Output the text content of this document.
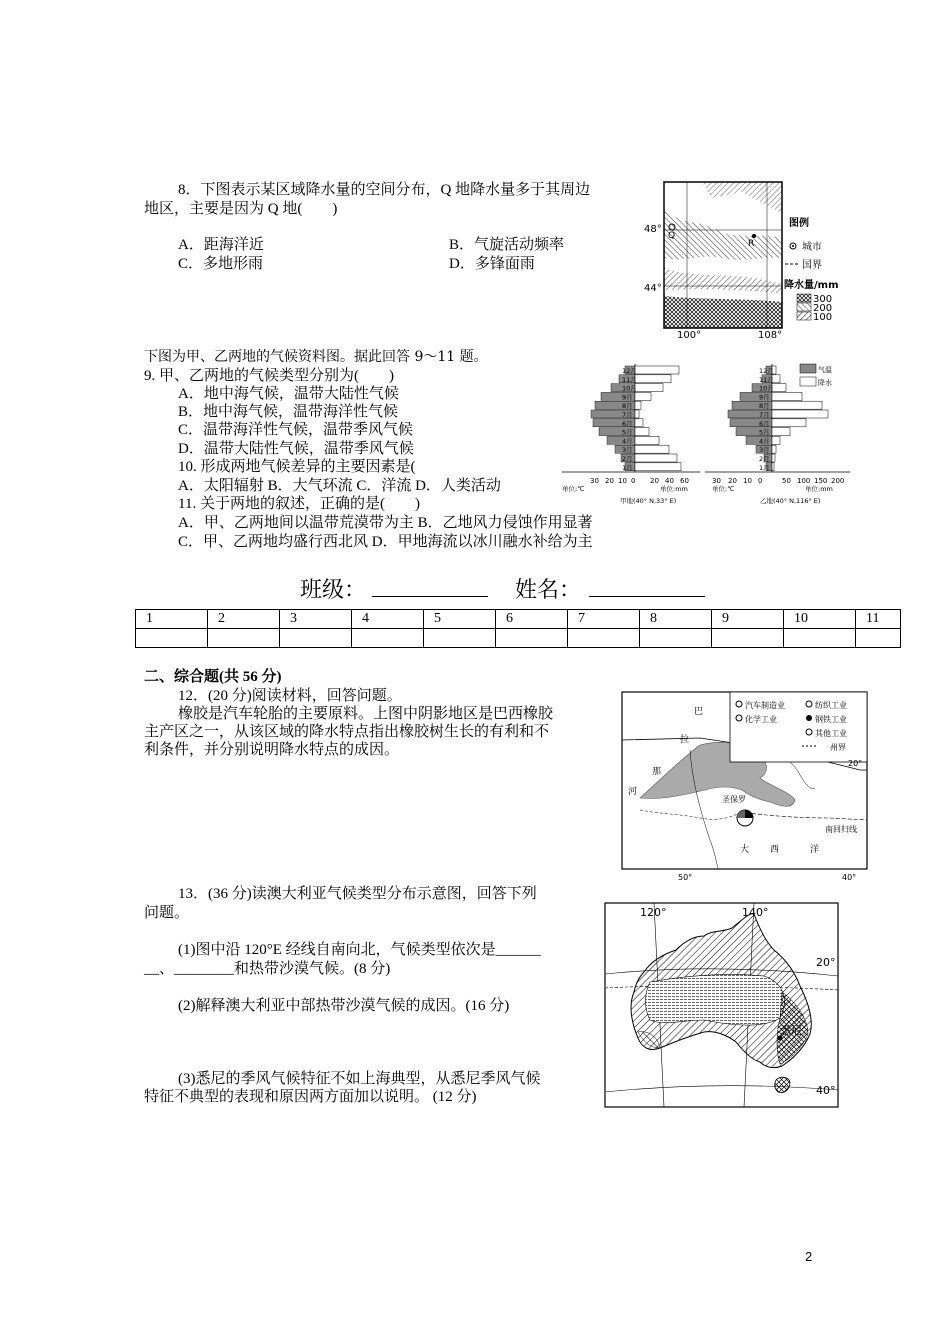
8．下图表示某区域降水量的空间分布，Q 地降水量多于其周边
地区，主要是因为 Q 地(　　)
A．距海洋近	B．气旋活动频率
C．多地形雨	D．多锋面雨
48°
44°
100°	108°
Q
R
图例
城市
国界
降水量/mm
300
200
100
下图为甲、乙两地的气候资料图。据此回答 9～11 题。
9. 甲、乙两地的气候类型分别为(　　)
A．地中海气候，温带大陆性气候
B．地中海气候，温带海洋性气候
C．温带海洋性气候，温带季风气候
D．温带大陆性气候，温带季风气候
10. 形成两地气候差异的主要因素是(
A．太阳辐射 B．大气环流 C．洋流 D．人类活动
11. 关于两地的叙述，正确的是(　　)
A．甲、乙两地间以温带荒漠带为主 B．乙地风力侵蚀作用显著
C．甲、乙两地均盛行西北风 D．甲地海流以冰川融水补给为主
12月
11月
10月
9月
8月
7月
6月
5月
4月
3月
2月
1月
30 20 10 0 20 40 60
单位:℃	单位:mm
甲地(40° N,33° E)
12月
11月
10月
9月
8月
7月
6月
5月
4月
3月
2月
1月
30 20 10 0	50 100 150 200
单位:℃	单位:mm
乙地(40° N,116° E)
气温
降水
班级：	姓名：
1	2	3	4	5	6	7	8	9	10	11

二、综合题(共 56 分)
12．(20 分)阅读材料，回答问题。
橡胶是汽车轮胎的主要原料。上图中阴影地区是巴西橡胶
主产区之一，从该区域的降水特点指出橡胶树生长的有利和不
利条件，并分别说明降水特点的成因。
汽车制造业	纺织工业
化学工业	钢铁工业
其他工业
州界
巴
拉
那
河
圣保罗
南回归线
大 西	洋
20°
50°	40°
13．(36 分)读澳大利亚气候类型分布示意图，回答下列
问题。
(1)图中沿 120°E 经线自南向北，气候类型依次是______
__、________和热带沙漠气候。(8 分)
(2)解释澳大利亚中部热带沙漠气候的成因。(16 分)
(3)悉尼的季风气候特征不如上海典型，从悉尼季风气候
特征不典型的表现和原因两方面加以说明。 (12 分)
120°	140°
20°
40°
悉尼
2
